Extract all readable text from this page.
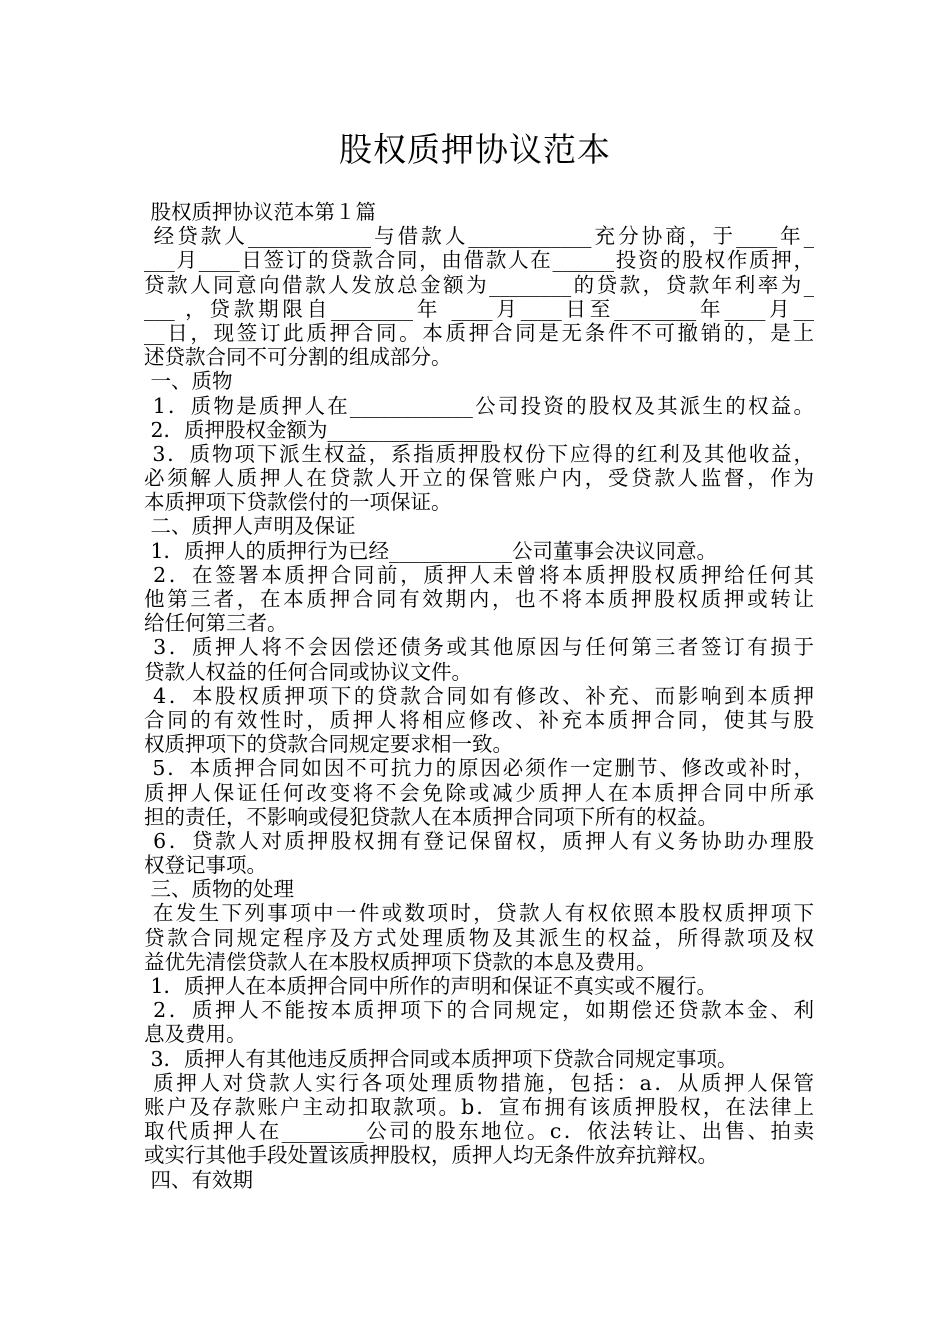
股权质押协议范本
股权质押协议范本第１篇
经贷款人____________与借款人____________充分协商，于____年_
___月____日签订的贷款合同，由借款人在______投资的股权作质押，
贷款人同意向借款人发放总金额为________的贷款，贷款年利率为_
___ ，贷款期限自________年 ____月____日至________年____月__
__日，现签订此质押合同。本质押合同是无条件不可撤销的，是上
述贷款合同不可分割的组成部分。
一、质物
1．质物是质押人在____________公司投资的股权及其派生的权益。
2．质押股权金额为________________
3．质物项下派生权益，系指质押股权份下应得的红利及其他收益，
必须解人质押人在贷款人开立的保管账户内，受贷款人监督，作为
本质押项下贷款偿付的一项保证。
二、质押人声明及保证
1．质押人的质押行为已经____________公司董事会决议同意。
2．在签署本质押合同前，质押人未曾将本质押股权质押给任何其
他第三者，在本质押合同有效期内，也不将本质押股权质押或转让
给任何第三者。
3．质押人将不会因偿还债务或其他原因与任何第三者签订有损于
贷款人权益的任何合同或协议文件。
4．本股权质押项下的贷款合同如有修改、补充、而影响到本质押
合同的有效性时，质押人将相应修改、补充本质押合同，使其与股
权质押项下的贷款合同规定要求相一致。
5．本质押合同如因不可抗力的原因必须作一定删节、修改或补时，
质押人保证任何改变将不会免除或减少质押人在本质押合同中所承
担的责任，不影响或侵犯贷款人在本质押合同项下所有的权益。
6．贷款人对质押股权拥有登记保留权，质押人有义务协助办理股
权登记事项。
三、质物的处理
在发生下列事项中一件或数项时，贷款人有权依照本股权质押项下
贷款合同规定程序及方式处理质物及其派生的权益，所得款项及权
益优先清偿贷款人在本股权质押项下贷款的本息及费用。
1．质押人在本质押合同中所作的声明和保证不真实或不履行。
2．质押人不能按本质押项下的合同规定，如期偿还贷款本金、利
息及费用。
3．质押人有其他违反质押合同或本质押项下贷款合同规定事项。
质押人对贷款人实行各项处理质物措施，包括：a．从质押人保管
账户及存款账户主动扣取款项。b．宣布拥有该质押股权，在法律上
取代质押人在________公司的股东地位。c．依法转让、出售、拍卖
或实行其他手段处置该质押股权，质押人均无条件放弃抗辩权。
四、有效期
